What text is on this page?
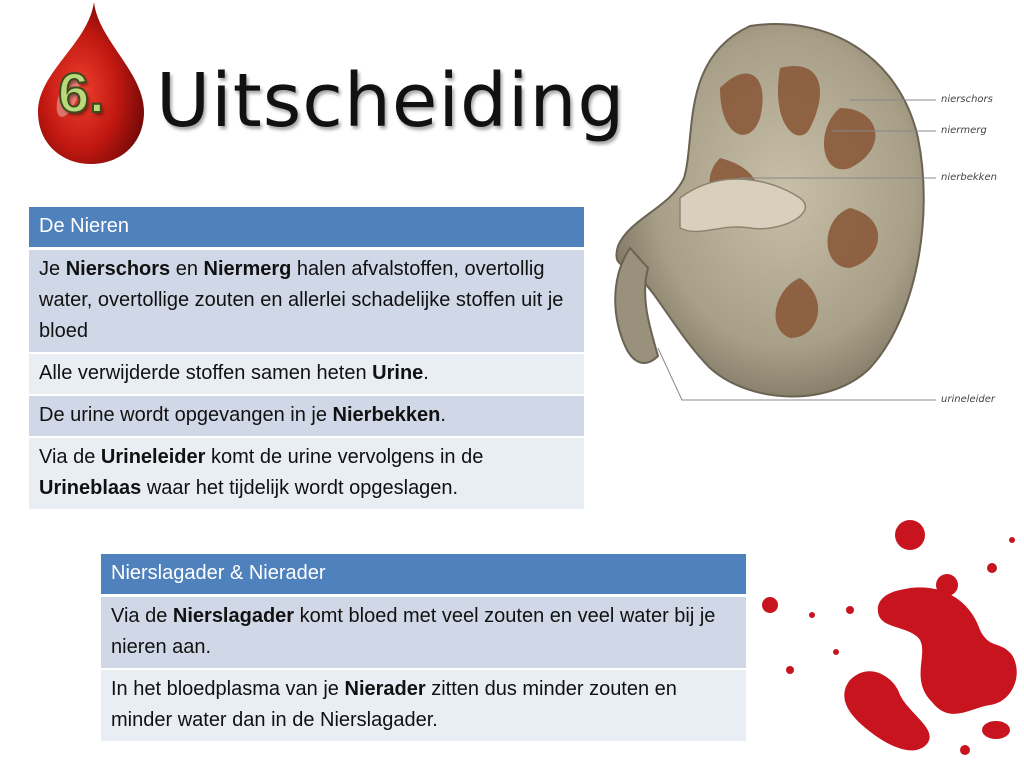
6. Uitscheiding
De Nieren
Je Nierschors en Niermerg halen afvalstoffen, overtollig water, overtollige zouten en allerlei schadelijke stoffen uit je bloed
Alle verwijderde stoffen samen heten Urine.
De urine wordt opgevangen in je Nierbekken.
Via de Urineleider komt de urine vervolgens in de Urineblaas waar het tijdelijk wordt opgeslagen.
Nierslagader & Nierader
Via de Nierslagader komt bloed met veel zouten en veel water bij je nieren aan.
In het bloedplasma van je Nierader zitten dus minder zouten en minder water dan in de Nierslagader.
nierschors
niermerg
nierbekken
urineleider
